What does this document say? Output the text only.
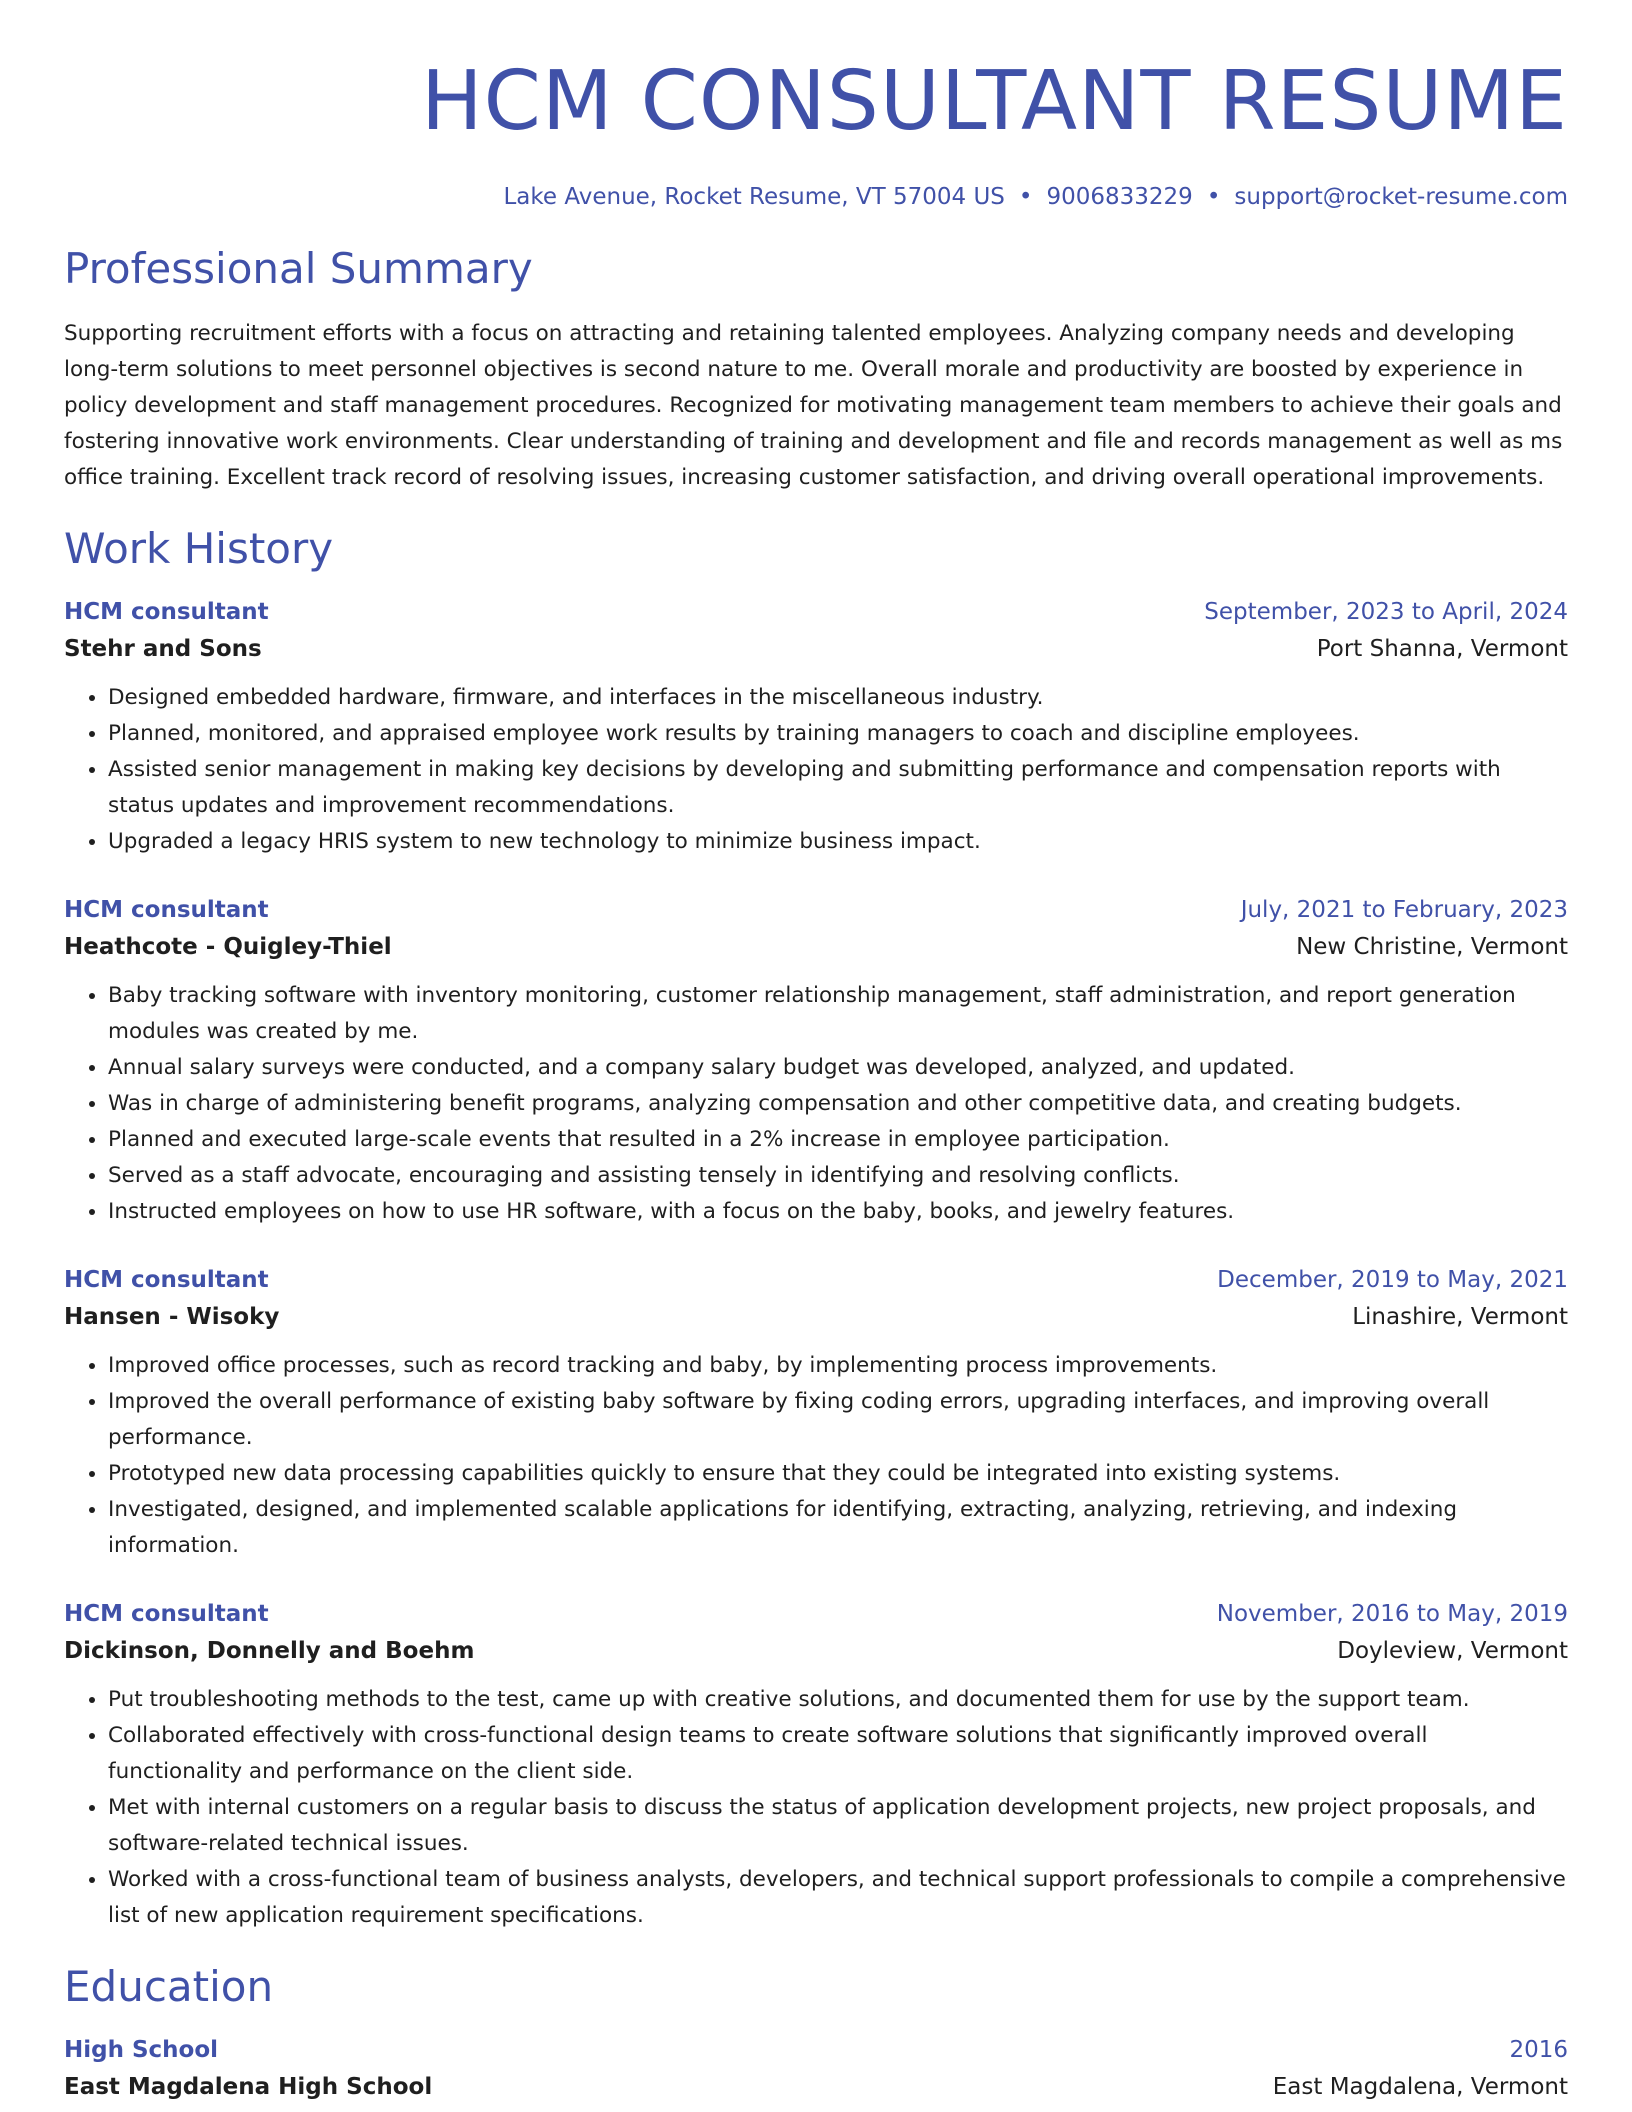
HCM CONSULTANT RESUME
Lake Avenue, Rocket Resume, VT 57004 US • 9006833229 • support@rocket-resume.com
Professional Summary
Supporting recruitment efforts with a focus on attracting and retaining talented employees. Analyzing company needs and developing long-term solutions to meet personnel objectives is second nature to me. Overall morale and productivity are boosted by experience in policy development and staff management procedures. Recognized for motivating management team members to achieve their goals and fostering innovative work environments. Clear understanding of training and development and file and records management as well as ms office training. Excellent track record of resolving issues, increasing customer satisfaction, and driving overall operational improvements.
Work History
HCM consultant	September, 2023 to April, 2024
Stehr and Sons	Port Shanna, Vermont
• Designed embedded hardware, firmware, and interfaces in the miscellaneous industry.
• Planned, monitored, and appraised employee work results by training managers to coach and discipline employees.
• Assisted senior management in making key decisions by developing and submitting performance and compensation reports with status updates and improvement recommendations.
• Upgraded a legacy HRIS system to new technology to minimize business impact.
HCM consultant	July, 2021 to February, 2023
Heathcote - Quigley-Thiel	New Christine, Vermont
• Baby tracking software with inventory monitoring, customer relationship management, staff administration, and report generation modules was created by me.
• Annual salary surveys were conducted, and a company salary budget was developed, analyzed, and updated.
• Was in charge of administering benefit programs, analyzing compensation and other competitive data, and creating budgets.
• Planned and executed large-scale events that resulted in a 2% increase in employee participation.
• Served as a staff advocate, encouraging and assisting tensely in identifying and resolving conflicts.
• Instructed employees on how to use HR software, with a focus on the baby, books, and jewelry features.
HCM consultant	December, 2019 to May, 2021
Hansen - Wisoky	Linashire, Vermont
• Improved office processes, such as record tracking and baby, by implementing process improvements.
• Improved the overall performance of existing baby software by fixing coding errors, upgrading interfaces, and improving overall performance.
• Prototyped new data processing capabilities quickly to ensure that they could be integrated into existing systems.
• Investigated, designed, and implemented scalable applications for identifying, extracting, analyzing, retrieving, and indexing information.
HCM consultant	November, 2016 to May, 2019
Dickinson, Donnelly and Boehm	Doyleview, Vermont
• Put troubleshooting methods to the test, came up with creative solutions, and documented them for use by the support team.
• Collaborated effectively with cross-functional design teams to create software solutions that significantly improved overall functionality and performance on the client side.
• Met with internal customers on a regular basis to discuss the status of application development projects, new project proposals, and software-related technical issues.
• Worked with a cross-functional team of business analysts, developers, and technical support professionals to compile a comprehensive list of new application requirement specifications.
Education
High School	2016
East Magdalena High School	East Magdalena, Vermont
